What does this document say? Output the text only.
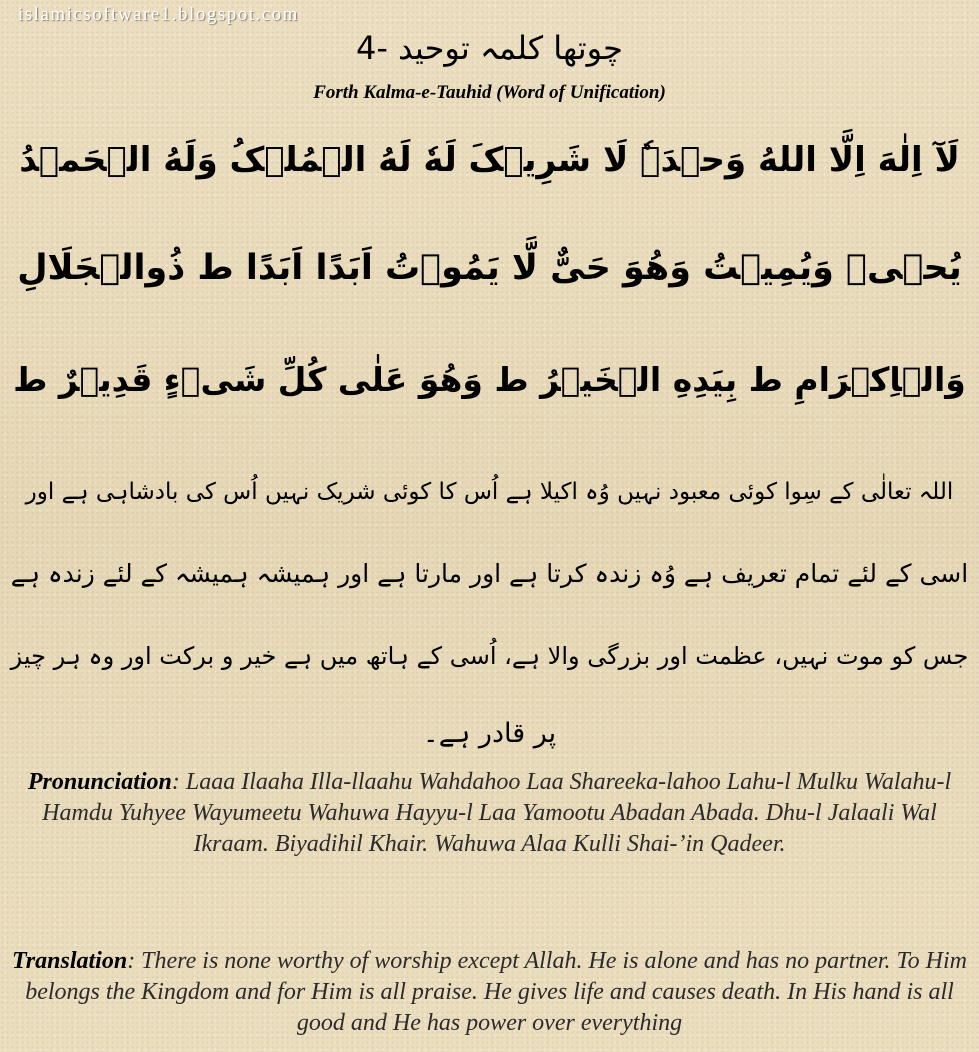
islamicsoftware1.blogspot.com
4- چوتھا کلمہ توحید
Forth Kalma-e-Tauhid (Word of Unification)
لَآ اِلٰهَ اِلَّا اللهُ وَحۡدَہٗ لَا شَرِیۡکَ لَهٗ لَهُ الۡمُلۡکُ وَلَهُ الۡحَمۡدُ
یُحۡیٖ وَیُمِیۡتُ وَهُوَ حَیٌّ لَّا یَمُوۡتُ اَبَدًا اَبَدًا ط ذُوالۡجَلَالِ
وَالۡاِکۡرَامِ ط بِیَدِهِ الۡخَیۡرُ ط وَهُوَ عَلٰی کُلِّ شَیۡءٍ قَدِیۡرٌ ط
اللہ تعالٰی کے سِوا کوئی معبود نہیں وُہ اکیلا ہے اُس کا کوئی شریک نہیں اُس کی بادشاہی ہے اور
اسی کے لئے تمام تعریف ہے وُہ زندہ کرتا ہے اور مارتا ہے اور ہمیشہ ہمیشہ کے لئے زندہ ہے
جس کو موت نہیں، عظمت اور بزرگی والا ہے، اُسی کے ہاتھ میں ہے خیر و برکت اور وہ ہر چیز
پر قادر ہے۔
Pronunciation: Laaa Ilaaha Illa-llaahu Wahdahoo Laa Shareeka-lahoo Lahu-l Mulku Walahu-l Hamdu Yuhyee Wayumeetu Wahuwa Hayyu-l Laa Yamootu Abadan Abada. Dhu-l Jalaali Wal Ikraam. Biyadihil Khair. Wahuwa Alaa Kulli Shai-’in Qadeer.
Translation: There is none worthy of worship except Allah. He is alone and has no partner. To Him belongs the Kingdom and for Him is all praise. He gives life and causes death. In His hand is all good and He has power over everything
